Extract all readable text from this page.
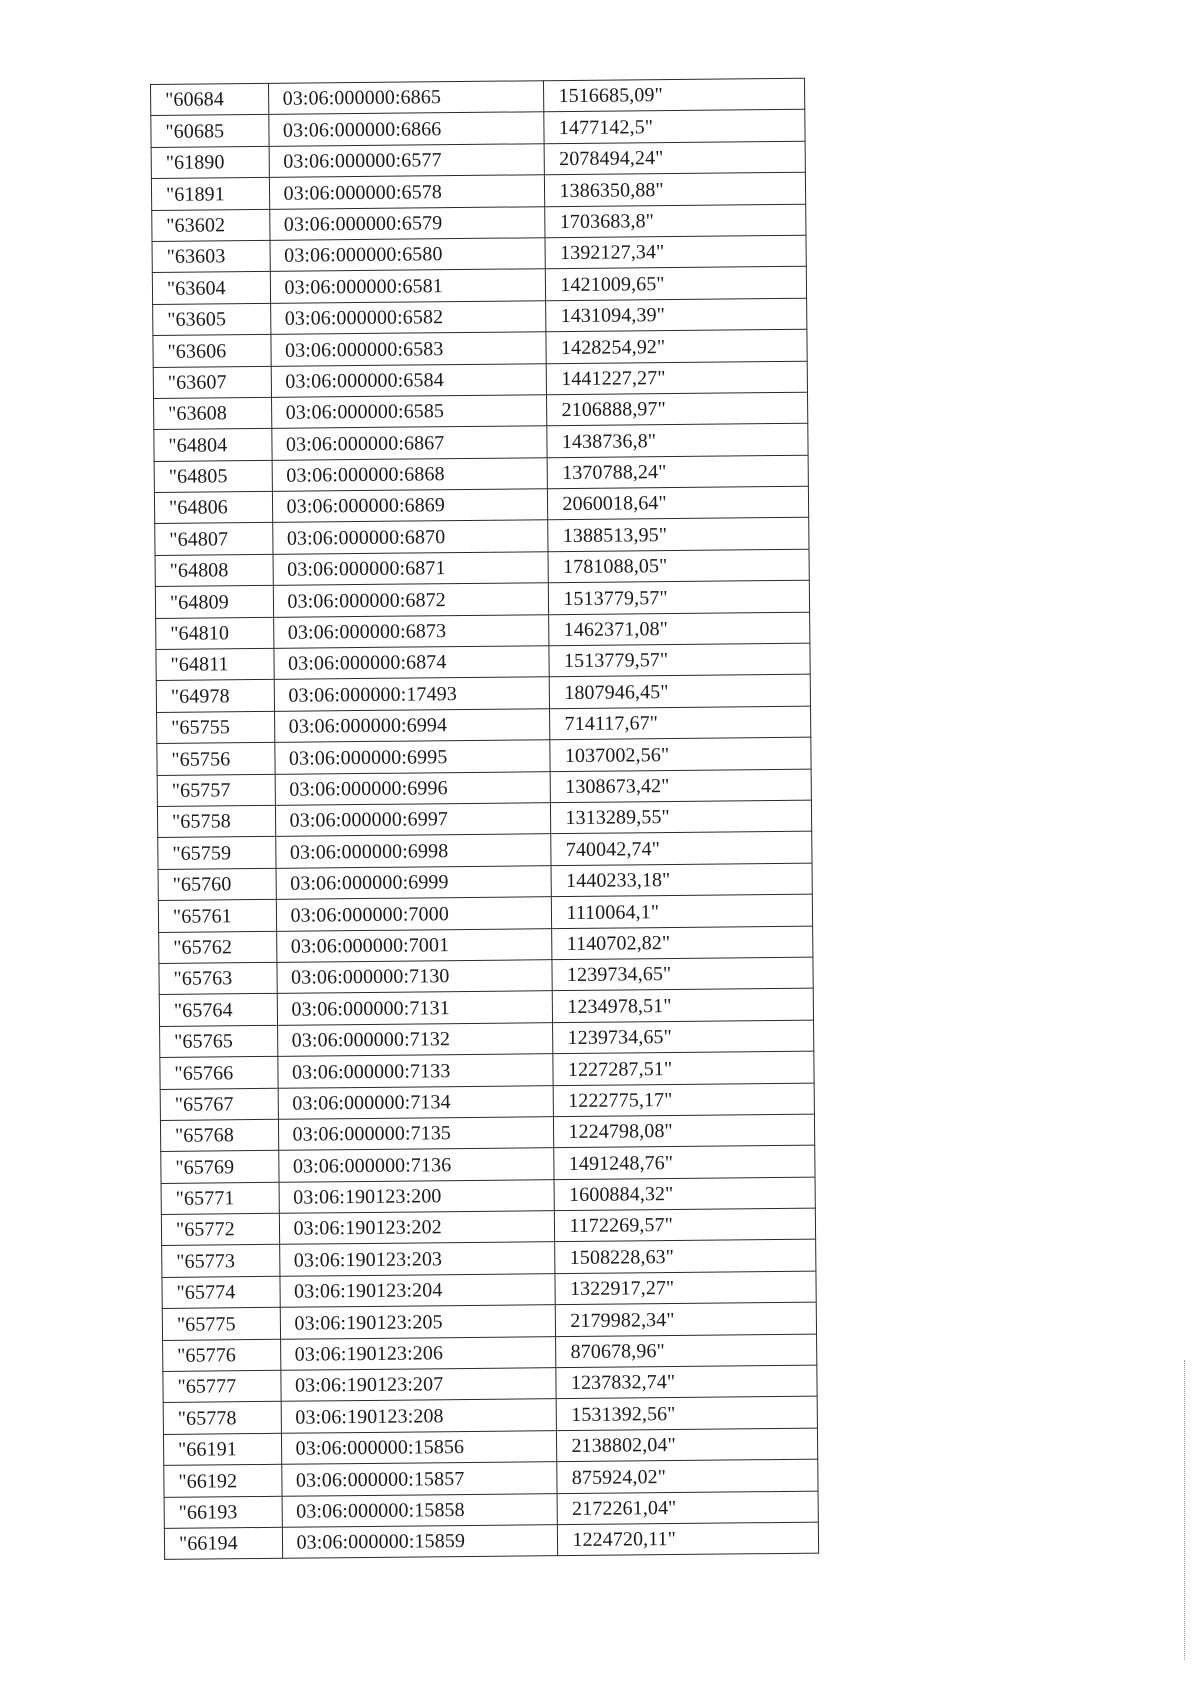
"60684	03:06:000000:6865	1516685,09"
"60685	03:06:000000:6866	1477142,5"
"61890	03:06:000000:6577	2078494,24"
"61891	03:06:000000:6578	1386350,88"
"63602	03:06:000000:6579	1703683,8"
"63603	03:06:000000:6580	1392127,34"
"63604	03:06:000000:6581	1421009,65"
"63605	03:06:000000:6582	1431094,39"
"63606	03:06:000000:6583	1428254,92"
"63607	03:06:000000:6584	1441227,27"
"63608	03:06:000000:6585	2106888,97"
"64804	03:06:000000:6867	1438736,8"
"64805	03:06:000000:6868	1370788,24"
"64806	03:06:000000:6869	2060018,64"
"64807	03:06:000000:6870	1388513,95"
"64808	03:06:000000:6871	1781088,05"
"64809	03:06:000000:6872	1513779,57"
"64810	03:06:000000:6873	1462371,08"
"64811	03:06:000000:6874	1513779,57"
"64978	03:06:000000:17493	1807946,45"
"65755	03:06:000000:6994	714117,67"
"65756	03:06:000000:6995	1037002,56"
"65757	03:06:000000:6996	1308673,42"
"65758	03:06:000000:6997	1313289,55"
"65759	03:06:000000:6998	740042,74"
"65760	03:06:000000:6999	1440233,18"
"65761	03:06:000000:7000	1110064,1"
"65762	03:06:000000:7001	1140702,82"
"65763	03:06:000000:7130	1239734,65"
"65764	03:06:000000:7131	1234978,51"
"65765	03:06:000000:7132	1239734,65"
"65766	03:06:000000:7133	1227287,51"
"65767	03:06:000000:7134	1222775,17"
"65768	03:06:000000:7135	1224798,08"
"65769	03:06:000000:7136	1491248,76"
"65771	03:06:190123:200	1600884,32"
"65772	03:06:190123:202	1172269,57"
"65773	03:06:190123:203	1508228,63"
"65774	03:06:190123:204	1322917,27"
"65775	03:06:190123:205	2179982,34"
"65776	03:06:190123:206	870678,96"
"65777	03:06:190123:207	1237832,74"
"65778	03:06:190123:208	1531392,56"
"66191	03:06:000000:15856	2138802,04"
"66192	03:06:000000:15857	875924,02"
"66193	03:06:000000:15858	2172261,04"
"66194	03:06:000000:15859	1224720,11"
